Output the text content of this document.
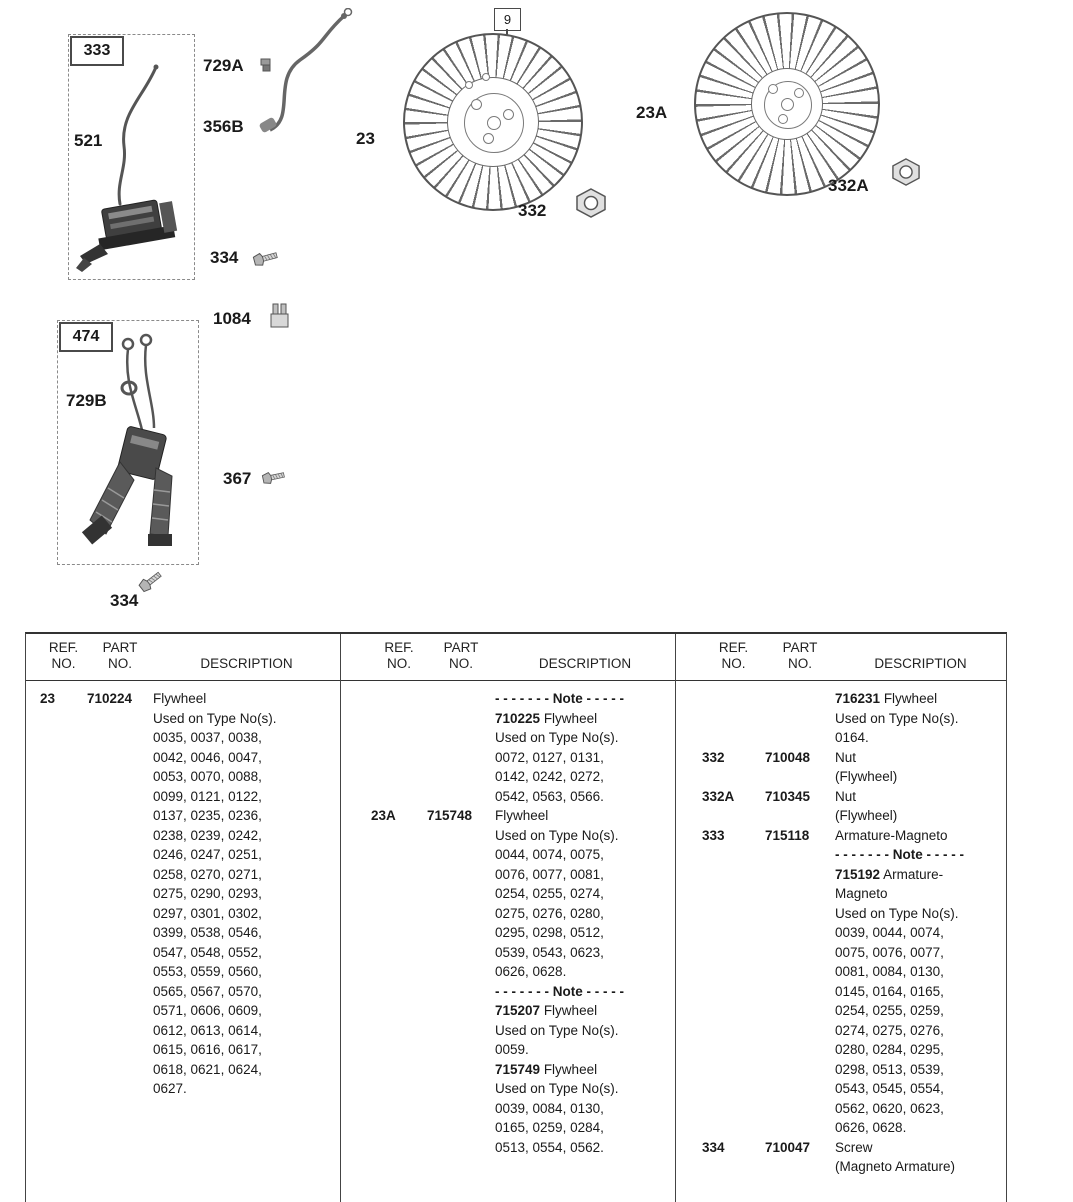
333
521
729A
356B
23
9
332
23A
332A
334
1084
474
729B
367
334
REF.
NO.
PART
NO.	DESCRIPTION
23	710224	Flywheel
Used on Type No(s).
0035, 0037, 0038,
0042, 0046, 0047,
0053, 0070, 0088,
0099, 0121, 0122,
0137, 0235, 0236,
0238, 0239, 0242,
0246, 0247, 0251,
0258, 0270, 0271,
0275, 0290, 0293,
0297, 0301, 0302,
0399, 0538, 0546,
0547, 0548, 0552,
0553, 0559, 0560,
0565, 0567, 0570,
0571, 0606, 0609,
0612, 0613, 0614,
0615, 0616, 0617,
0618, 0621, 0624,
0627.
REF.
NO.
PART
NO.	DESCRIPTION
- - - - - - - Note - - - - -
710225 Flywheel
Used on Type No(s).
0072, 0127, 0131,
0142, 0242, 0272,
0542, 0563, 0566.
23A	715748	Flywheel
Used on Type No(s).
0044, 0074, 0075,
0076, 0077, 0081,
0254, 0255, 0274,
0275, 0276, 0280,
0295, 0298, 0512,
0539, 0543, 0623,
0626, 0628.
- - - - - - - Note - - - - -
715207 Flywheel
Used on Type No(s).
0059.
715749 Flywheel
Used on Type No(s).
0039, 0084, 0130,
0165, 0259, 0284,
0513, 0554, 0562.
REF.
NO.
PART
NO.	DESCRIPTION
716231 Flywheel
Used on Type No(s).
0164.
332	710048	Nut
(Flywheel)
332A	710345	Nut
(Flywheel)
333	715118	Armature-Magneto
- - - - - - - Note - - - - -
715192 Armature-
Magneto
Used on Type No(s).
0039, 0044, 0074,
0075, 0076, 0077,
0081, 0084, 0130,
0145, 0164, 0165,
0254, 0255, 0259,
0274, 0275, 0276,
0280, 0284, 0295,
0298, 0513, 0539,
0543, 0545, 0554,
0562, 0620, 0623,
0626, 0628.
334	710047	Screw
(Magneto Armature)
